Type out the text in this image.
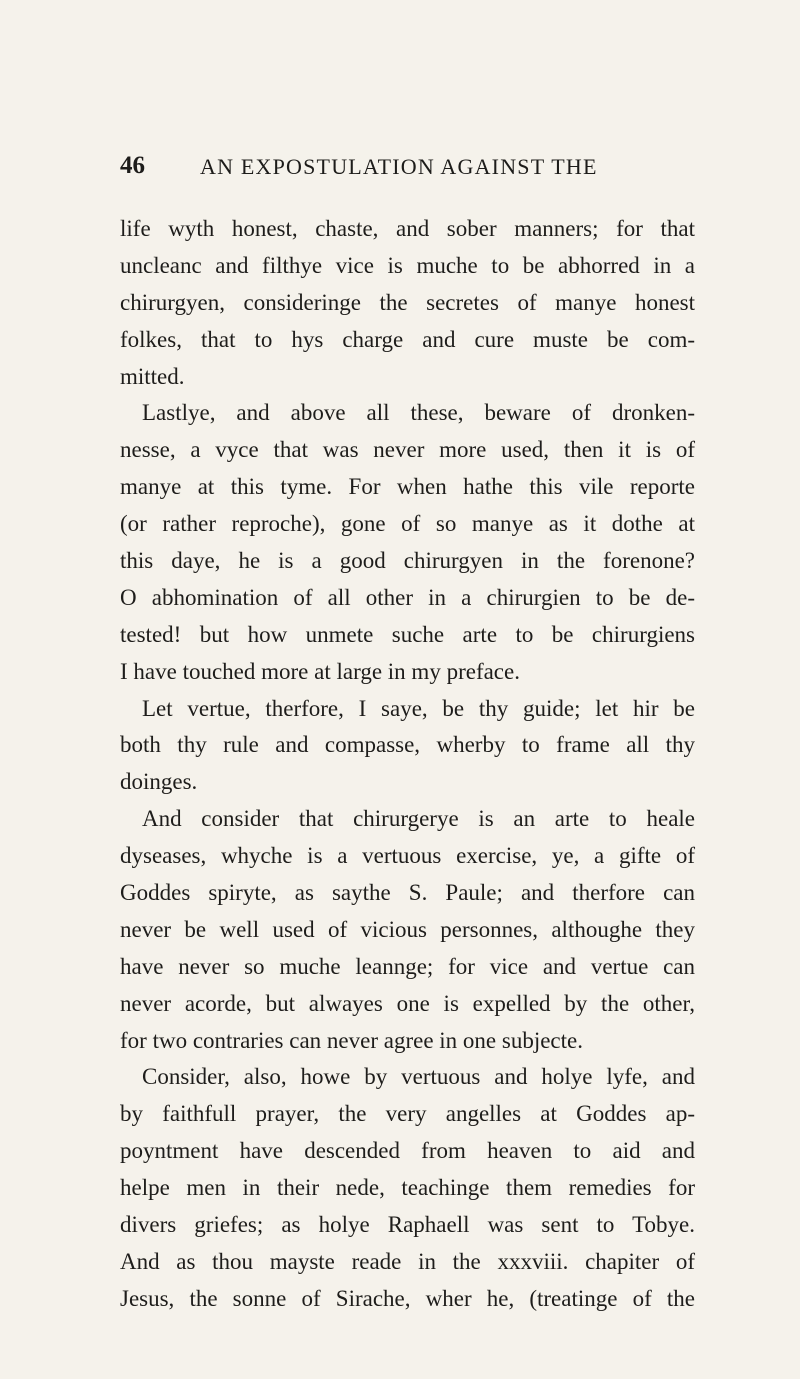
46	AN EXPOSTULATION AGAINST THE
life wyth honest, chaste, and sober manners; for that
uncleanc and filthye vice is muche to be abhorred in a
chirurgyen, consideringe the secretes of manye honest
folkes, that to hys charge and cure muste be com-
mitted.
Lastlye, and above all these, beware of dronken-
nesse, a vyce that was never more used, then it is of
manye at this tyme. For when hathe this vile reporte
(or rather reproche), gone of so manye as it dothe at
this daye, he is a good chirurgyen in the forenone?
O abhomination of all other in a chirurgien to be de-
tested! but how unmete suche arte to be chirurgiens
I have touched more at large in my preface.
Let vertue, therfore, I saye, be thy guide; let hir be
both thy rule and compasse, wherby to frame all thy
doinges.
And consider that chirurgerye is an arte to heale
dyseases, whyche is a vertuous exercise, ye, a gifte of
Goddes spiryte, as saythe S. Paule; and therfore can
never be well used of vicious personnes, althoughe they
have never so muche leannge; for vice and vertue can
never acorde, but alwayes one is expelled by the other,
for two contraries can never agree in one subjecte.
Consider, also, howe by vertuous and holye lyfe, and
by faithfull prayer, the very angelles at Goddes ap-
poyntment have descended from heaven to aid and
helpe men in their nede, teachinge them remedies for
divers griefes; as holye Raphaell was sent to Tobye.
And as thou mayste reade in the xxxviii. chapiter of
Jesus, the sonne of Sirache, wher he, (treatinge of the
